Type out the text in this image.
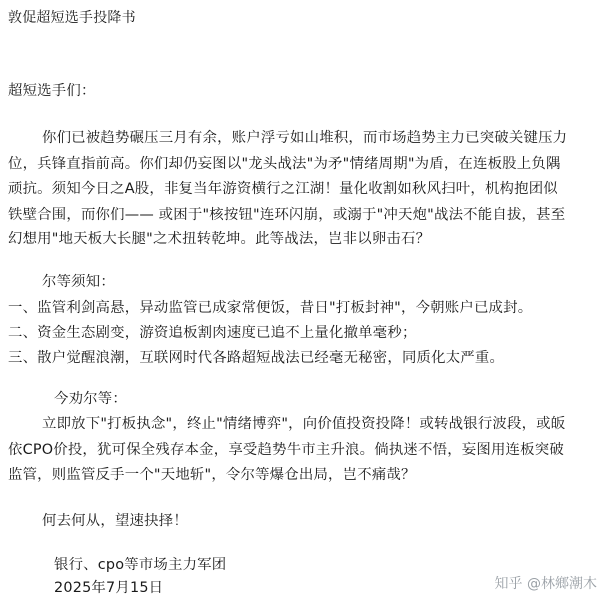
敦促超短选手投降书
超短选手们：
你们已被趋势碾压三月有余，账户浮亏如山堆积，而市场趋势主力已突破关键压力
位，兵锋直指前高。你们却仍妄图以"龙头战法"为矛"情绪周期"为盾，在连板股上负隅
顽抗。须知今日之A股，非复当年游资横行之江湖！量化收割如秋风扫叶，机构抱团似
铁壁合围，而你们—— 或困于"核按钮"连环闪崩，或溺于"冲天炮"战法不能自拔，甚至
幻想用"地天板大长腿"之术扭转乾坤。此等战法，岂非以卵击石？
尔等须知：
一、监管利剑高悬，异动监管已成家常便饭，昔日"打板封神"，今朝账户已成封。
二、资金生态剧变，游资追板割肉速度已追不上量化撤单毫秒；
三、散户觉醒浪潮，互联网时代各路超短战法已经毫无秘密，同质化太严重。
今劝尔等：
立即放下"打板执念"，终止"情绪博弈"，向价值投资投降！或转战银行波段，或皈
依CPO价投，犹可保全残存本金，享受趋势牛市主升浪。倘执迷不悟，妄图用连板突破
监管，则监管反手一个"天地斩"，令尔等爆仓出局，岂不痛哉？
何去何从，望速抉择！
银行、cpo等市场主力军团
2025年7月15日	知乎 @林鄉潮木
